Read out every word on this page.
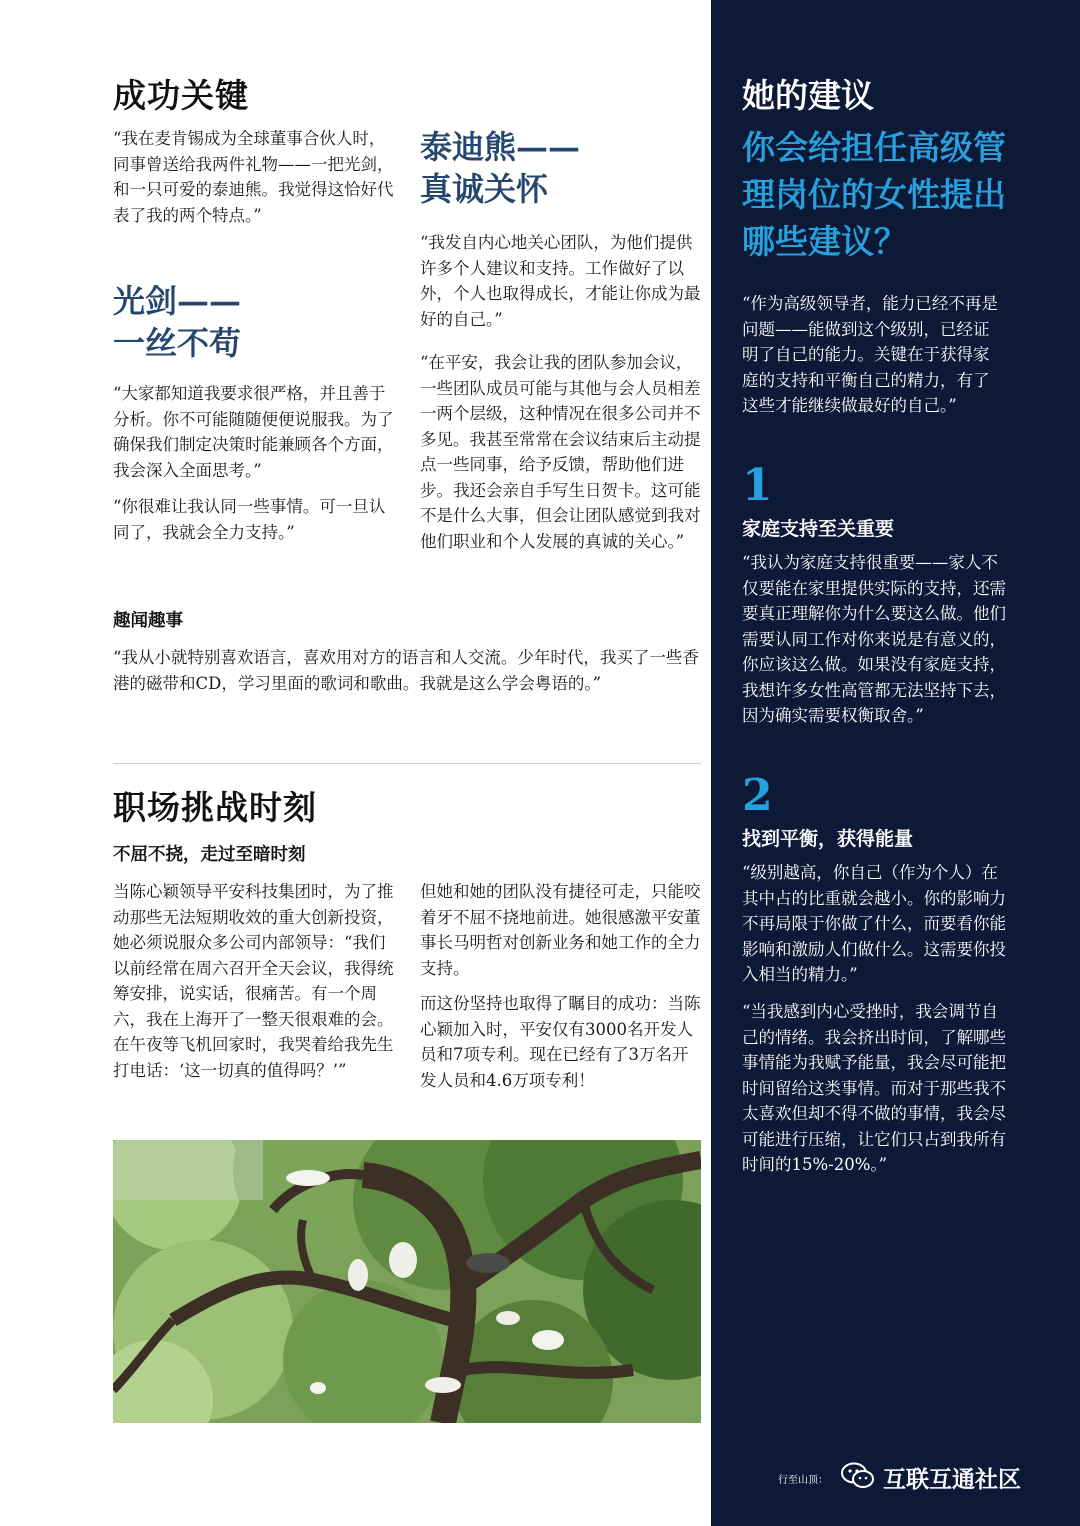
成功关键
“我在麦肯锡成为全球董事合伙人时，同事曾送给我两件礼物——一把光剑，和一只可爱的泰迪熊。我觉得这恰好代表了我的两个特点。”
光剑——
一丝不苟
“大家都知道我要求很严格，并且善于分析。你不可能随随便便说服我。为了确保我们制定决策时能兼顾各个方面，我会深入全面思考。”
“你很难让我认同一些事情。可一旦认同了，我就会全力支持。”
泰迪熊——
真诚关怀
“我发自内心地关心团队，为他们提供许多个人建议和支持。工作做好了以外，个人也取得成长，才能让你成为最好的自己。”
“在平安，我会让我的团队参加会议，一些团队成员可能与其他与会人员相差一两个层级，这种情况在很多公司并不多见。我甚至常常在会议结束后主动提点一些同事，给予反馈，帮助他们进步。我还会亲自手写生日贺卡。这可能不是什么大事，但会让团队感觉到我对他们职业和个人发展的真诚的关心。”
趣闻趣事
“我从小就特别喜欢语言，喜欢用对方的语言和人交流。少年时代，我买了一些香港的磁带和CD，学习里面的歌词和歌曲。我就是这么学会粤语的。”
职场挑战时刻
不屈不挠，走过至暗时刻
当陈心颖领导平安科技集团时，为了推动那些无法短期收效的重大创新投资，她必须说服众多公司内部领导：“我们以前经常在周六召开全天会议，我得统筹安排，说实话，很痛苦。有一个周六，我在上海开了一整天很艰难的会。在午夜等飞机回家时，我哭着给我先生打电话：‘这一切真的值得吗？’”
但她和她的团队没有捷径可走，只能咬着牙不屈不挠地前进。她很感激平安董事长马明哲对创新业务和她工作的全力支持。
而这份坚持也取得了瞩目的成功：当陈心颖加入时，平安仅有3000名开发人员和7项专利。现在已经有了3万名开发人员和4.6万项专利！
她的建议
你会给担任高级管理岗位的女性提出哪些建议？
“作为高级领导者，能力已经不再是问题——能做到这个级别，已经证明了自己的能力。关键在于获得家庭的支持和平衡自己的精力，有了这些才能继续做最好的自己。”
1
家庭支持至关重要
“我认为家庭支持很重要——家人不仅要能在家里提供实际的支持，还需要真正理解你为什么要这么做。他们需要认同工作对你来说是有意义的，你应该这么做。如果没有家庭支持，我想许多女性高管都无法坚持下去，因为确实需要权衡取舍。”
2
找到平衡，获得能量
“级别越高，你自己（作为个人）在其中占的比重就会越小。你的影响力不再局限于你做了什么，而要看你能影响和激励人们做什么。这需要你投入相当的精力。”
“当我感到内心受挫时，我会调节自己的情绪。我会挤出时间，了解哪些事情能为我赋予能量，我会尽可能把时间留给这类事情。而对于那些我不太喜欢但却不得不做的事情，我会尽可能进行压缩，让它们只占到我所有时间的15%-20%。”
行至山顶： 互联互通社区
